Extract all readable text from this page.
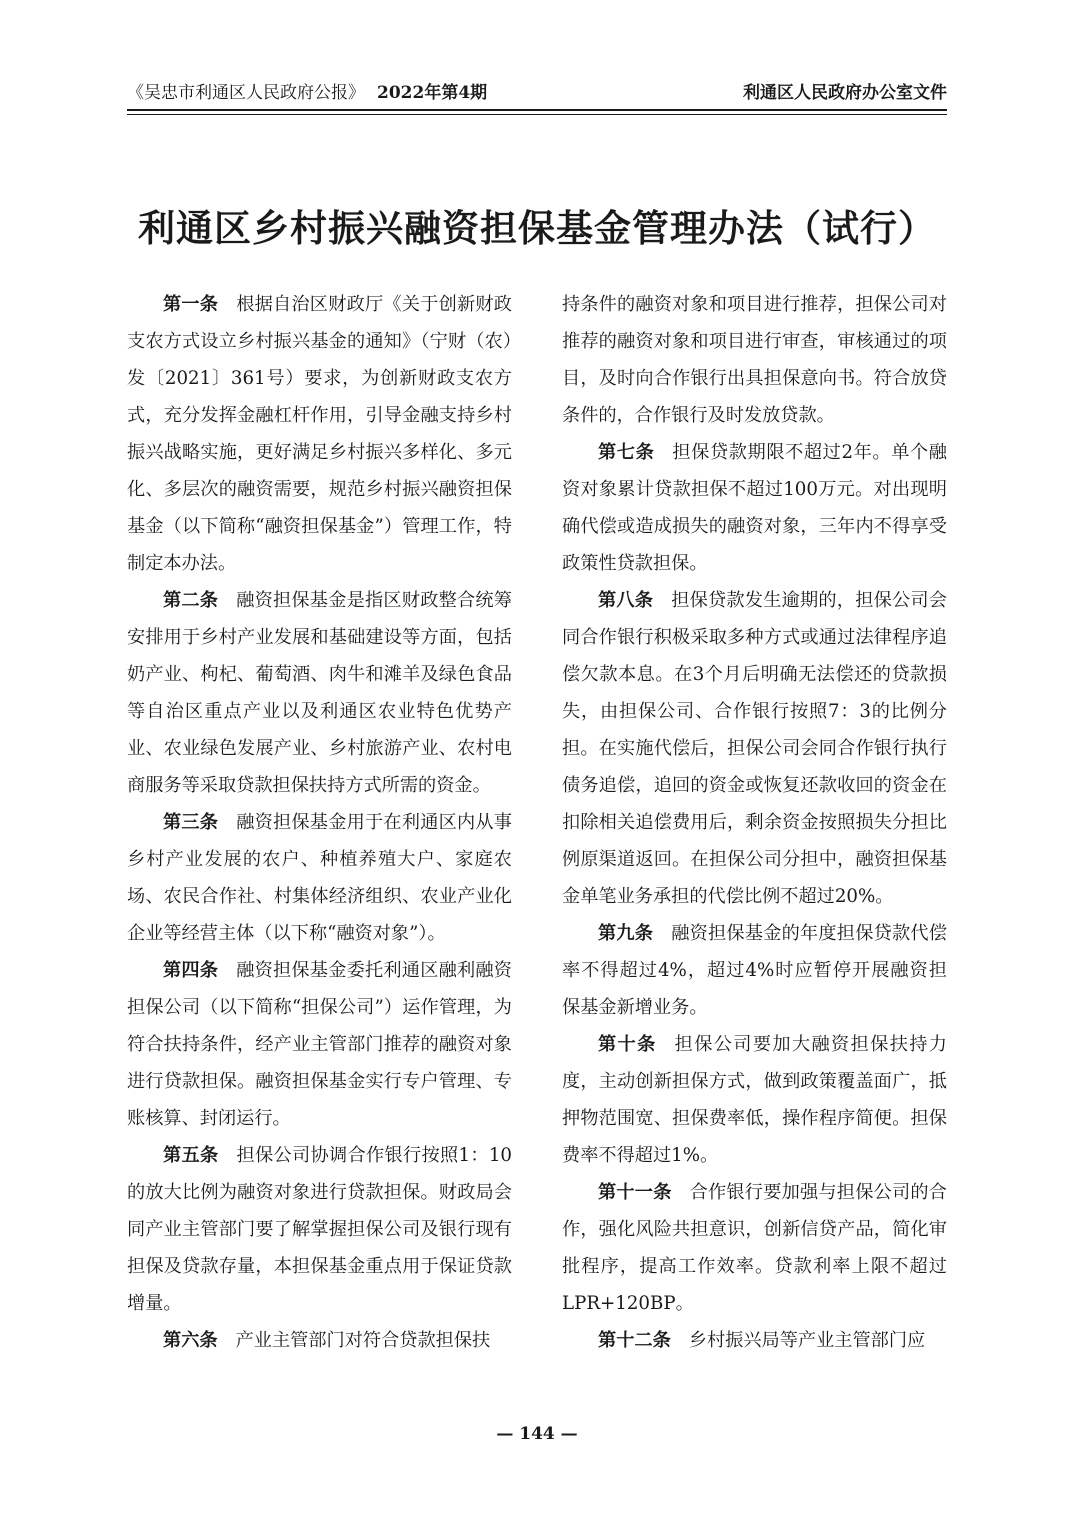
《吴忠市利通区人民政府公报》 2022年第4期	利通区人民政府办公室文件
利通区乡村振兴融资担保基金管理办法（试行）

第一条 根据自治区财政厅《关于创新财政支农方式设立乡村振兴基金的通知》（宁财（农）发〔2021〕361号）要求，为创新财政支农方式，充分发挥金融杠杆作用，引导金融支持乡村振兴战略实施，更好满足乡村振兴多样化、多元化、多层次的融资需要，规范乡村振兴融资担保基金（以下简称“融资担保基金”）管理工作，特制定本办法。

第二条 融资担保基金是指区财政整合统筹安排用于乡村产业发展和基础建设等方面，包括奶产业、枸杞、葡萄酒、肉牛和滩羊及绿色食品等自治区重点产业以及利通区农业特色优势产业、农业绿色发展产业、乡村旅游产业、农村电商服务等采取贷款担保扶持方式所需的资金。

第三条 融资担保基金用于在利通区内从事乡村产业发展的农户、种植养殖大户、家庭农场、农民合作社、村集体经济组织、农业产业化企业等经营主体（以下称“融资对象”）。

第四条 融资担保基金委托利通区融利融资担保公司（以下简称“担保公司”）运作管理，为符合扶持条件，经产业主管部门推荐的融资对象进行贷款担保。融资担保基金实行专户管理、专账核算、封闭运行。

第五条 担保公司协调合作银行按照1：10的放大比例为融资对象进行贷款担保。财政局会同产业主管部门要了解掌握担保公司及银行现有担保及贷款存量，本担保基金重点用于保证贷款增量。

第六条 产业主管部门对符合贷款担保扶

持条件的融资对象和项目进行推荐，担保公司对推荐的融资对象和项目进行审查，审核通过的项目，及时向合作银行出具担保意向书。符合放贷条件的，合作银行及时发放贷款。

第七条 担保贷款期限不超过2年。单个融资对象累计贷款担保不超过100万元。对出现明确代偿或造成损失的融资对象，三年内不得享受政策性贷款担保。

第八条 担保贷款发生逾期的，担保公司会同合作银行积极采取多种方式或通过法律程序追偿欠款本息。在3个月后明确无法偿还的贷款损失，由担保公司、合作银行按照7：3的比例分担。在实施代偿后，担保公司会同合作银行执行债务追偿，追回的资金或恢复还款收回的资金在扣除相关追偿费用后，剩余资金按照损失分担比例原渠道返回。在担保公司分担中，融资担保基金单笔业务承担的代偿比例不超过20%。

第九条 融资担保基金的年度担保贷款代偿率不得超过4%，超过4%时应暂停开展融资担保基金新增业务。

第十条 担保公司要加大融资担保扶持力度，主动创新担保方式，做到政策覆盖面广，抵押物范围宽、担保费率低，操作程序简便。担保费率不得超过1%。

第十一条 合作银行要加强与担保公司的合作，强化风险共担意识，创新信贷产品，简化审批程序，提高工作效率。贷款利率上限不超过LPR+120BP。

第十二条 乡村振兴局等产业主管部门应

— 144 —
